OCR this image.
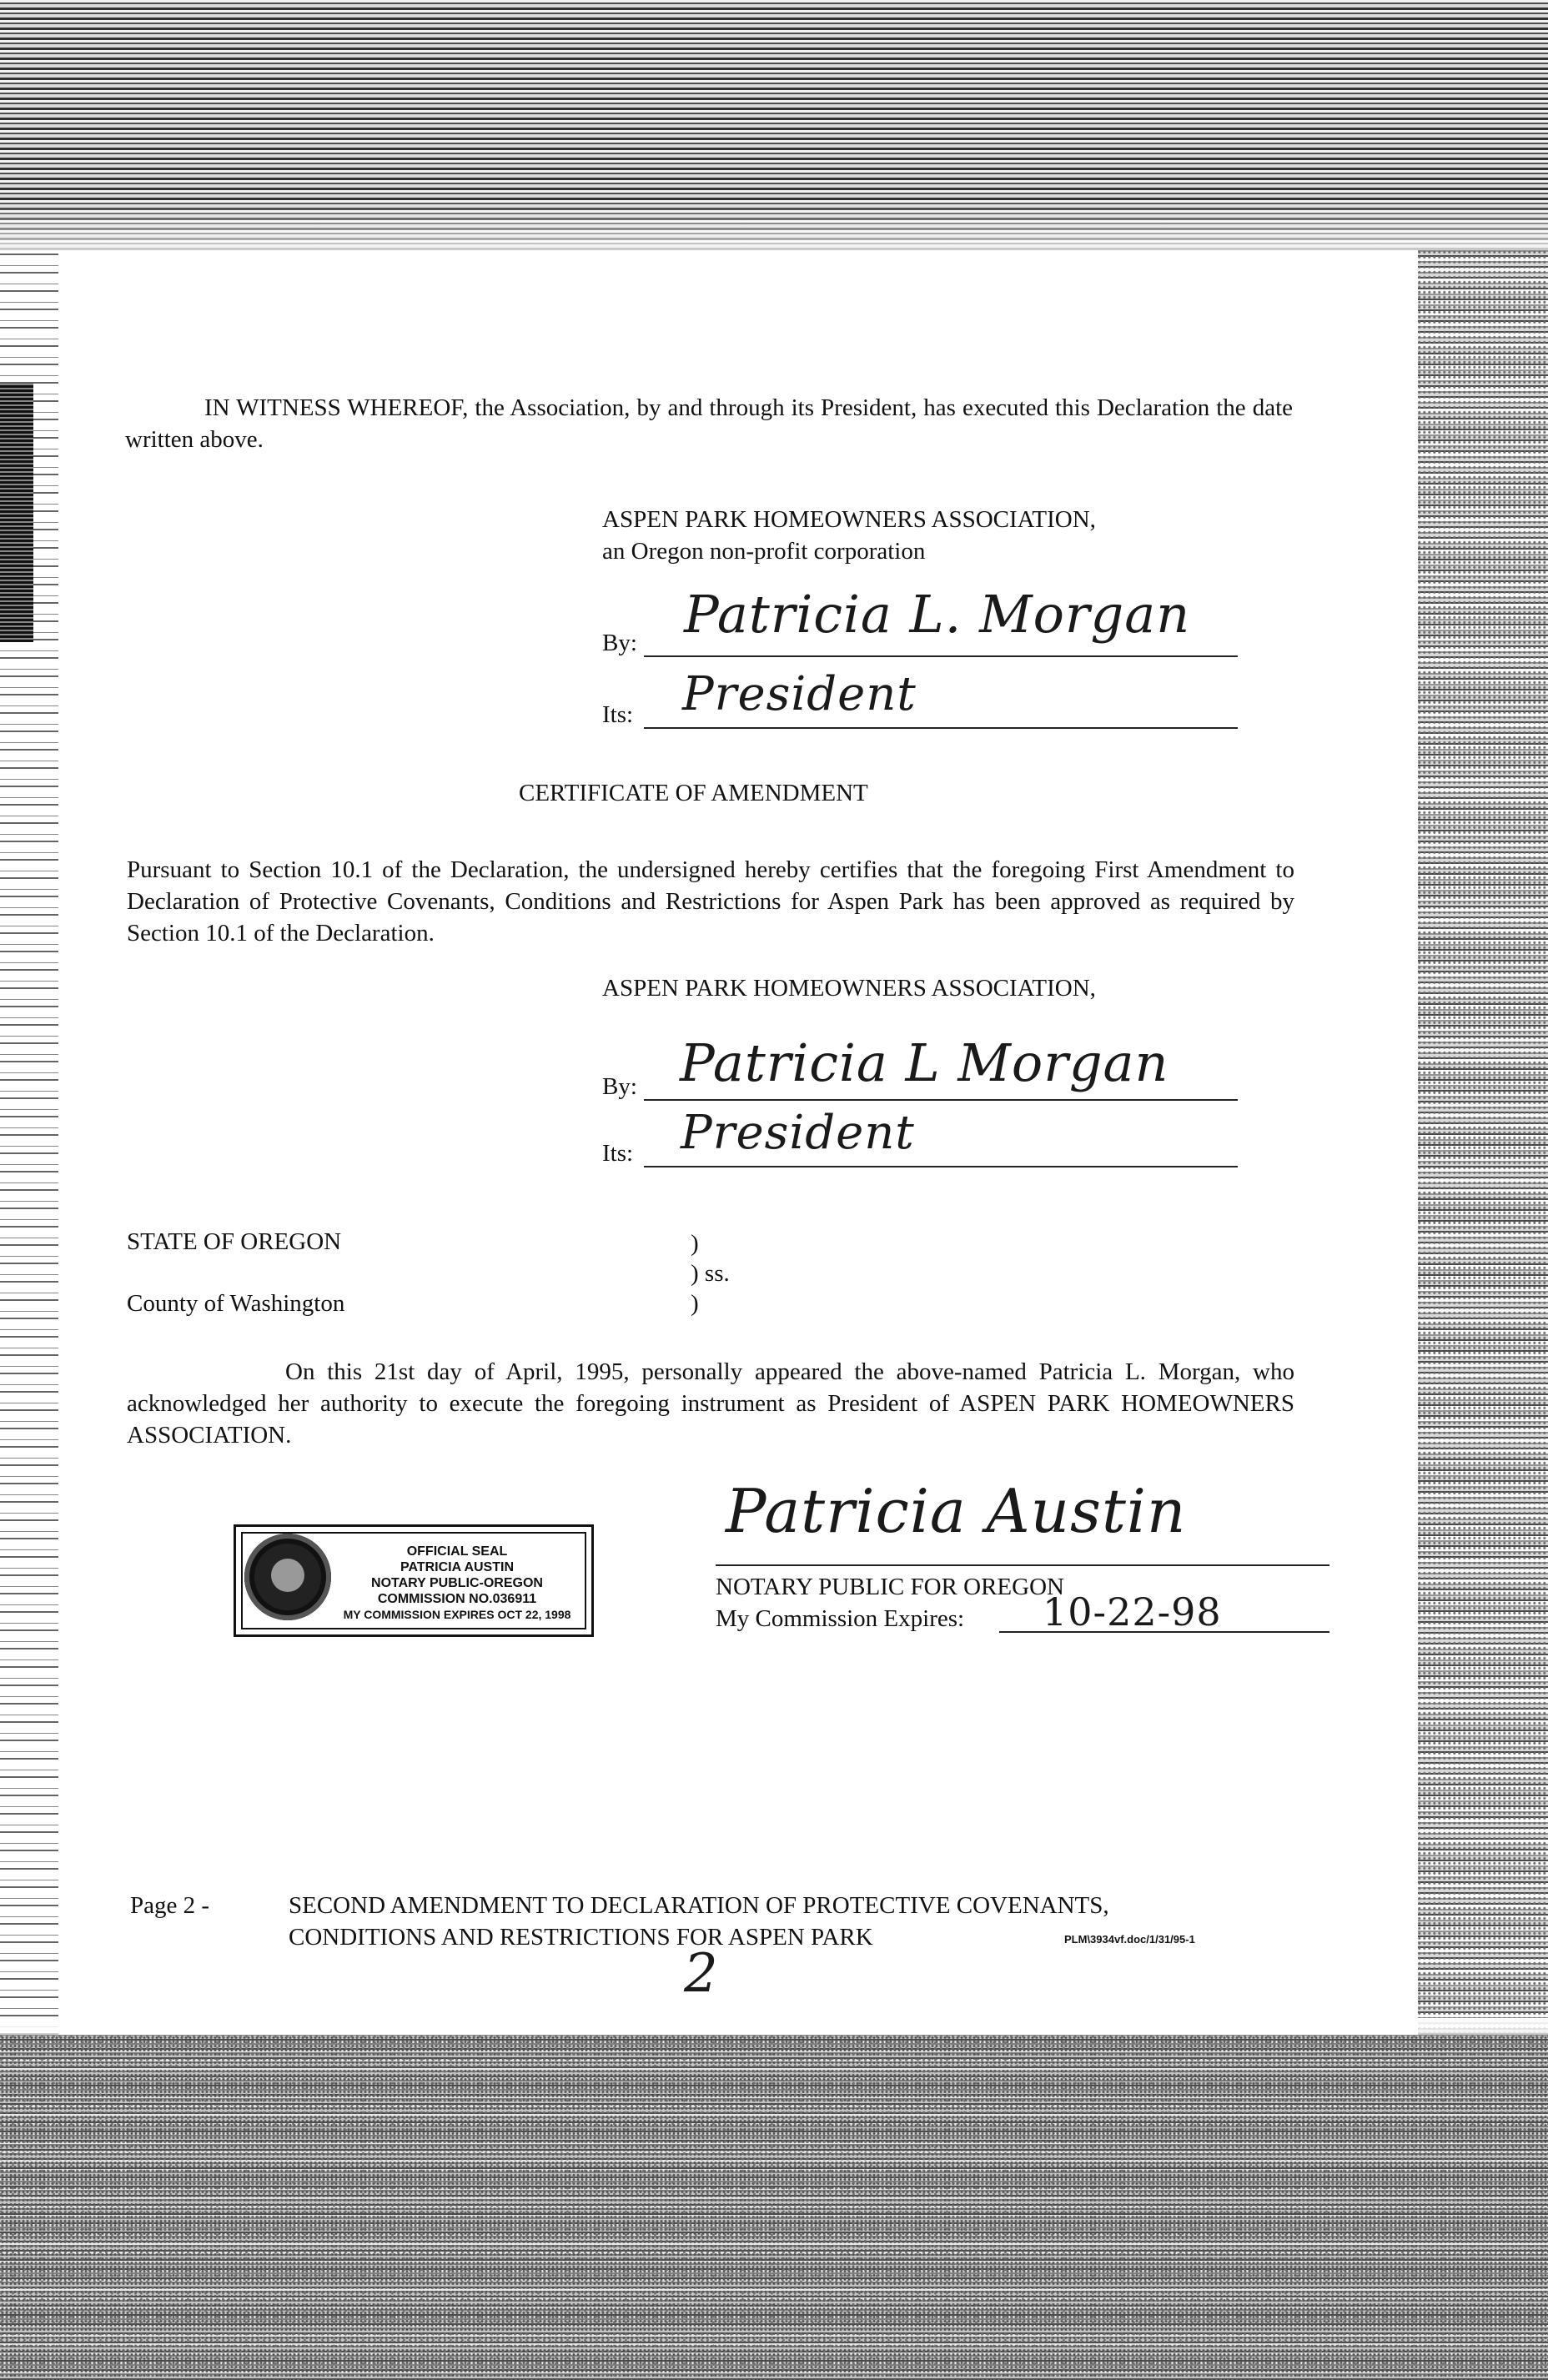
IN WITNESS WHEREOF, the Association, by and through its President, has executed this Declaration the date written above.
ASPEN PARK HOMEOWNERS ASSOCIATION,
an Oregon non-profit corporation
By: Patricia L. Morgan
Its: President
CERTIFICATE OF AMENDMENT
Pursuant to Section 10.1 of the Declaration, the undersigned hereby certifies that the foregoing First Amendment to Declaration of Protective Covenants, Conditions and Restrictions for Aspen Park has been approved as required by Section 10.1 of the Declaration.
ASPEN PARK HOMEOWNERS ASSOCIATION,
By: Patricia L Morgan
Its: President
STATE OF OREGON
County of Washington
)
) ss.
)
On this 21st day of April, 1995, personally appeared the above-named Patricia L. Morgan, who acknowledged her authority to execute the foregoing instrument as President of ASPEN PARK HOMEOWNERS ASSOCIATION.
OFFICIAL SEAL
PATRICIA AUSTIN
NOTARY PUBLIC-OREGON
COMMISSION NO.036911
MY COMMISSION EXPIRES OCT 22, 1998
Patricia Austin
NOTARY PUBLIC FOR OREGON
My Commission Expires: 10-22-98
Page 2 -	SECOND AMENDMENT TO DECLARATION OF PROTECTIVE COVENANTS,
CONDITIONS AND RESTRICTIONS FOR ASPEN PARK	PLM\3934vf.doc/1/31/95-1
2
